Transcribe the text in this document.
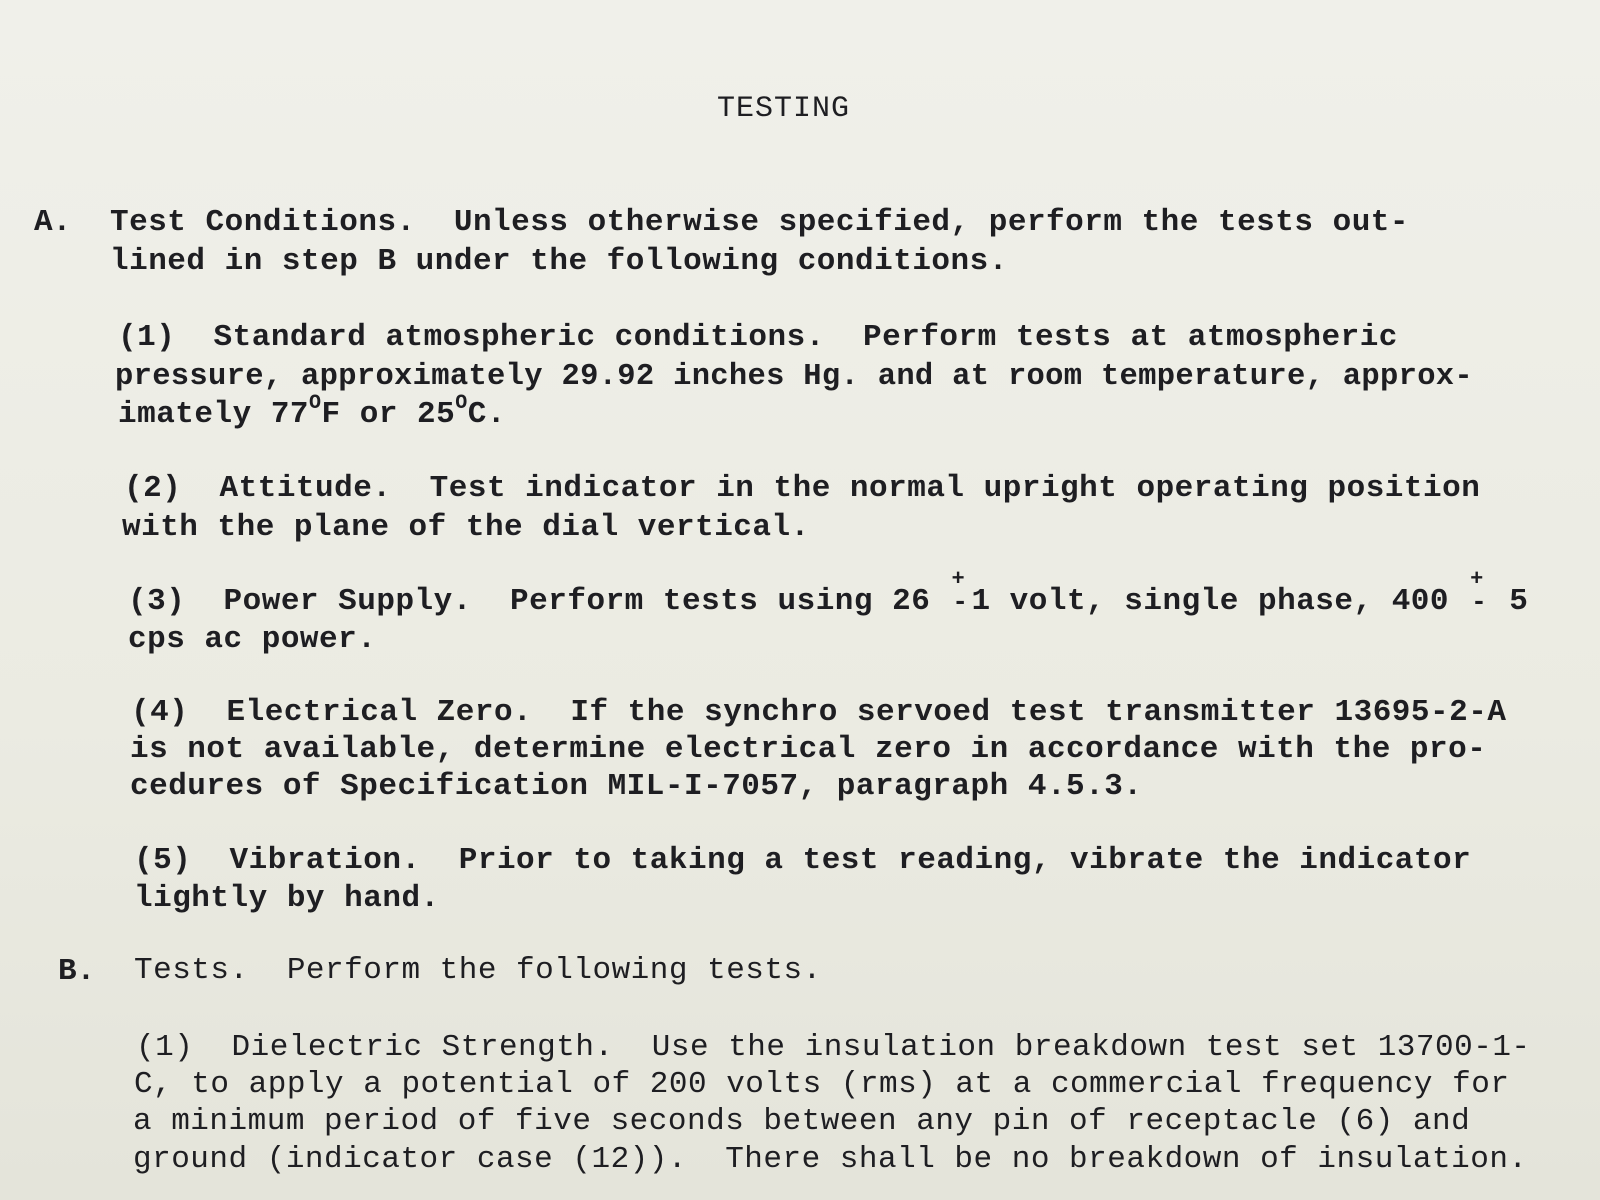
TESTING
A. Test Conditions.  Unless otherwise specified, perform the tests out-
lined in step B under the following conditions.
(1)  Standard atmospheric conditions.  Perform tests at atmospheric
pressure, approximately 29.92 inches Hg. and at room temperature, approx-
imately $77^OF$ or $25^OC$.
(2)  Attitude.  Test indicator in the normal upright operating position
with the plane of the dial vertical.
(3)  Power Supply.  Perform tests using 26
+
-1 volt, single phase, 400
+
- 5
cps ac power.
(4)  Electrical Zero.  If the synchro servoed test transmitter 13695-2-A
is not available, determine electrical zero in accordance with the pro-
cedures of Specification MIL-I-7057, paragraph 4.5.3.
(5)  Vibration.  Prior to taking a test reading, vibrate the indicator
lightly by hand.
B. Tests.  Perform the following tests.
(1)  Dielectric Strength.  Use the insulation breakdown test set 13700-1-
C, to apply a potential of 200 volts (rms) at a commercial frequency for
a minimum period of five seconds between any pin of receptacle (6) and
ground (indicator case (12)).  There shall be no breakdown of insulation.
